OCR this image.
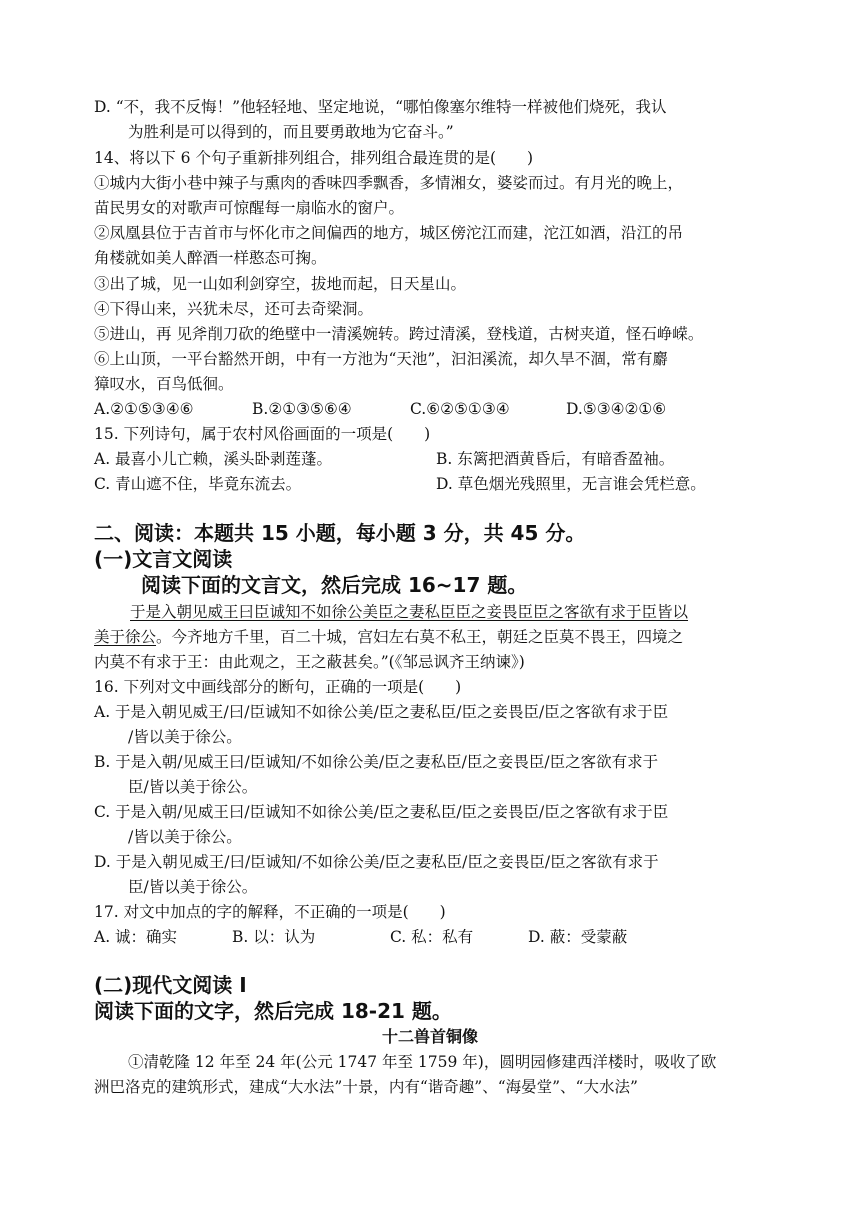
D. “不，我不反悔！”他轻轻地、坚定地说，“哪怕像塞尔维特一样被他们烧死，我认
为胜利是可以得到的，而且要勇敢地为它奋斗。”
14、将以下 6 个句子重新排列组合，排列组合最连贯的是(　　)
①城内大街小巷中辣子与熏肉的香味四季飘香，多情湘女，婆娑而过。有月光的晚上，
苗民男女的对歌声可惊醒每一扇临水的窗户。
②凤凰县位于吉首市与怀化市之间偏西的地方，城区傍沱江而建，沱江如酒，沿江的吊
角楼就如美人醉酒一样憨态可掬。
③出了城，见一山如利剑穿空，拔地而起，日天星山。
④下得山来，兴犹未尽，还可去奇梁洞。
⑤进山，再 见斧削刀砍的绝壁中一清溪婉转。跨过清溪，登栈道，古树夹道，怪石峥嵘。
⑥上山顶，一平台豁然开朗，中有一方池为“天池”，汩汩溪流，却久旱不涸，常有麝
獐叹水，百鸟低徊。
A.②①⑤③④⑥	B.②①③⑤⑥④	C.⑥②⑤①③④	D.⑤③④②①⑥
15. 下列诗句，属于农村风俗画面的一项是(　　)
A. 最喜小儿亡赖，溪头卧剥莲蓬。	B. 东篱把酒黄昏后，有暗香盈袖。
C. 青山遮不住，毕竟东流去。	D. 草色烟光残照里，无言谁会凭栏意。
二、阅读：本题共 15 小题，每小题 3 分，共 45 分。
(一)文言文阅读
阅读下面的文言文，然后完成 16~17 题。
于是入朝见威王曰臣诚知不如徐公美臣之妻私臣臣之妾畏臣臣之客欲有求于臣皆以
美于徐公。今齐地方千里，百二十城，宫妇左右莫不私王，朝廷之臣莫不畏王，四境之
内莫不有求于王：由此观之，王之蔽甚矣。”(《邹忌讽齐王纳谏》)
16. 下列对文中画线部分的断句，正确的一项是(　　)
A. 于是入朝见威王/曰/臣诚知不如徐公美/臣之妻私臣/臣之妾畏臣/臣之客欲有求于臣
/皆以美于徐公。
B. 于是入朝/见威王曰/臣诚知/不如徐公美/臣之妻私臣/臣之妾畏臣/臣之客欲有求于
臣/皆以美于徐公。
C. 于是入朝/见威王曰/臣诚知不如徐公美/臣之妻私臣/臣之妾畏臣/臣之客欲有求于臣
/皆以美于徐公。
D. 于是入朝见威王/曰/臣诚知/不如徐公美/臣之妻私臣/臣之妾畏臣/臣之客欲有求于
臣/皆以美于徐公。
17. 对文中加点的字的解释，不正确的一项是(　　)
A. 诚：确实	B. 以：认为	C. 私：私有	D. 蔽：受蒙蔽
(二)现代文阅读 I
阅读下面的文字，然后完成 18-21 题。
十二兽首铜像
①清乾隆 12 年至 24 年(公元 1747 年至 1759 年)，圆明园修建西洋楼时，吸收了欧
洲巴洛克的建筑形式，建成“大水法”十景，内有“谐奇趣”、“海晏堂”、“大水法”
